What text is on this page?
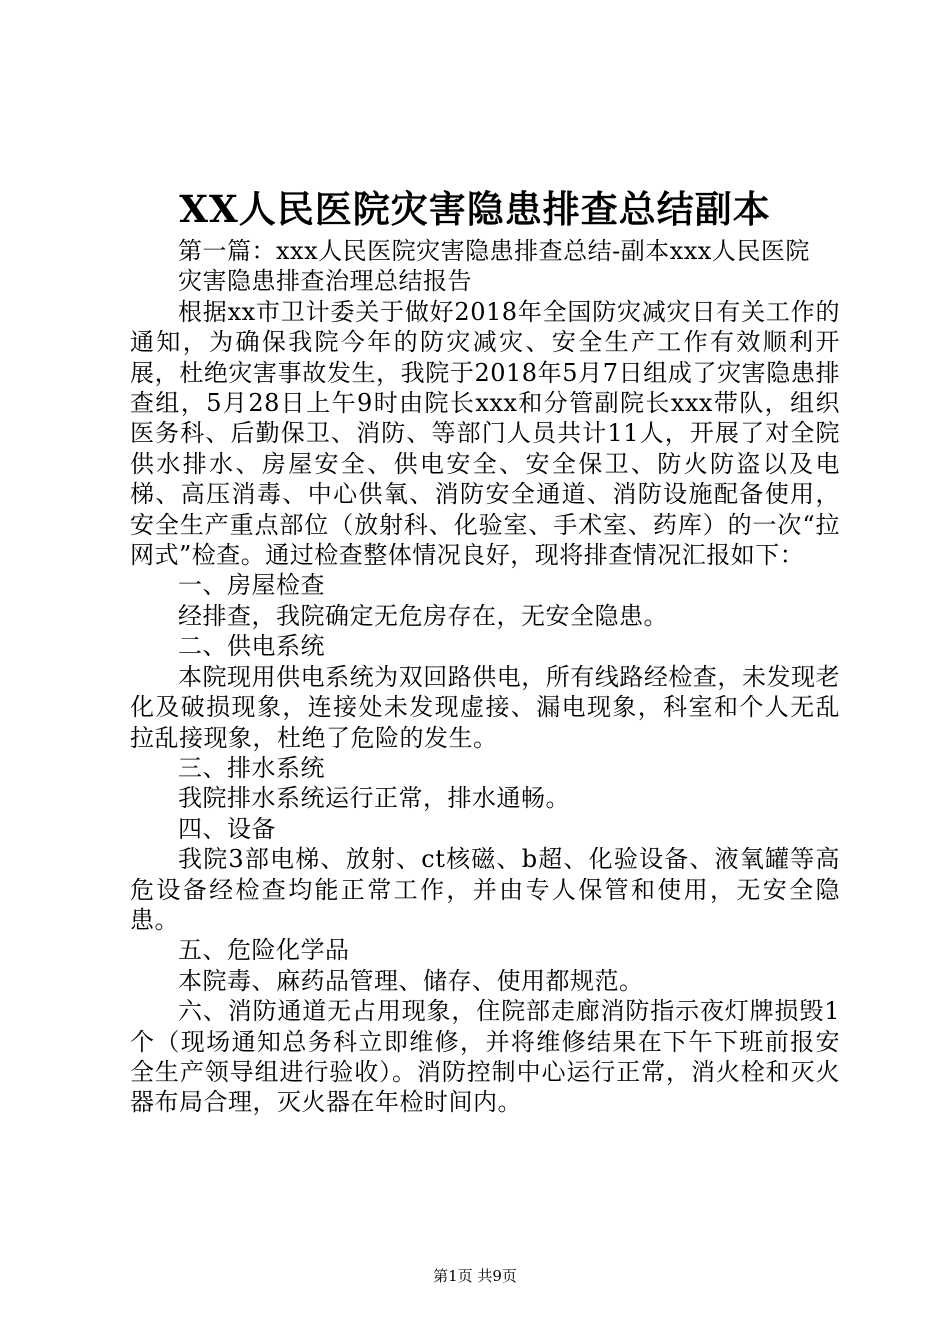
XX人民医院灾害隐患排查总结副本

第一篇：xxx人民医院灾害隐患排查总结-副本xxx人民医院

灾害隐患排查治理总结报告

根据xx市卫计委关于做好2018年全国防灾减灾日有关工作的通知，为确保我院今年的防灾减灾、安全生产工作有效顺利开展，杜绝灾害事故发生，我院于2018年5月7日组成了灾害隐患排查组，5月28日上午9时由院长xxx和分管副院长xxx带队，组织医务科、后勤保卫、消防、等部门人员共计11人，开展了对全院供水排水、房屋安全、供电安全、安全保卫、防火防盗以及电梯、高压消毒、中心供氧、消防安全通道、消防设施配备使用，安全生产重点部位（放射科、化验室、手术室、药库）的一次“拉网式”检查。通过检查整体情况良好，现将排查情况汇报如下：

一、房屋检查

经排查，我院确定无危房存在，无安全隐患。

二、供电系统

本院现用供电系统为双回路供电，所有线路经检查，未发现老化及破损现象，连接处未发现虚接、漏电现象，科室和个人无乱拉乱接现象，杜绝了危险的发生。

三、排水系统

我院排水系统运行正常，排水通畅。

四、设备

我院3部电梯、放射、ct核磁、b超、化验设备、液氧罐等高危设备经检查均能正常工作，并由专人保管和使用，无安全隐患。

五、危险化学品

本院毒、麻药品管理、储存、使用都规范。

六、消防通道无占用现象，住院部走廊消防指示夜灯牌损毁1个（现场通知总务科立即维修，并将维修结果在下午下班前报安全生产领导组进行验收）。消防控制中心运行正常，消火栓和灭火器布局合理，灭火器在年检时间内。

第1页 共9页
